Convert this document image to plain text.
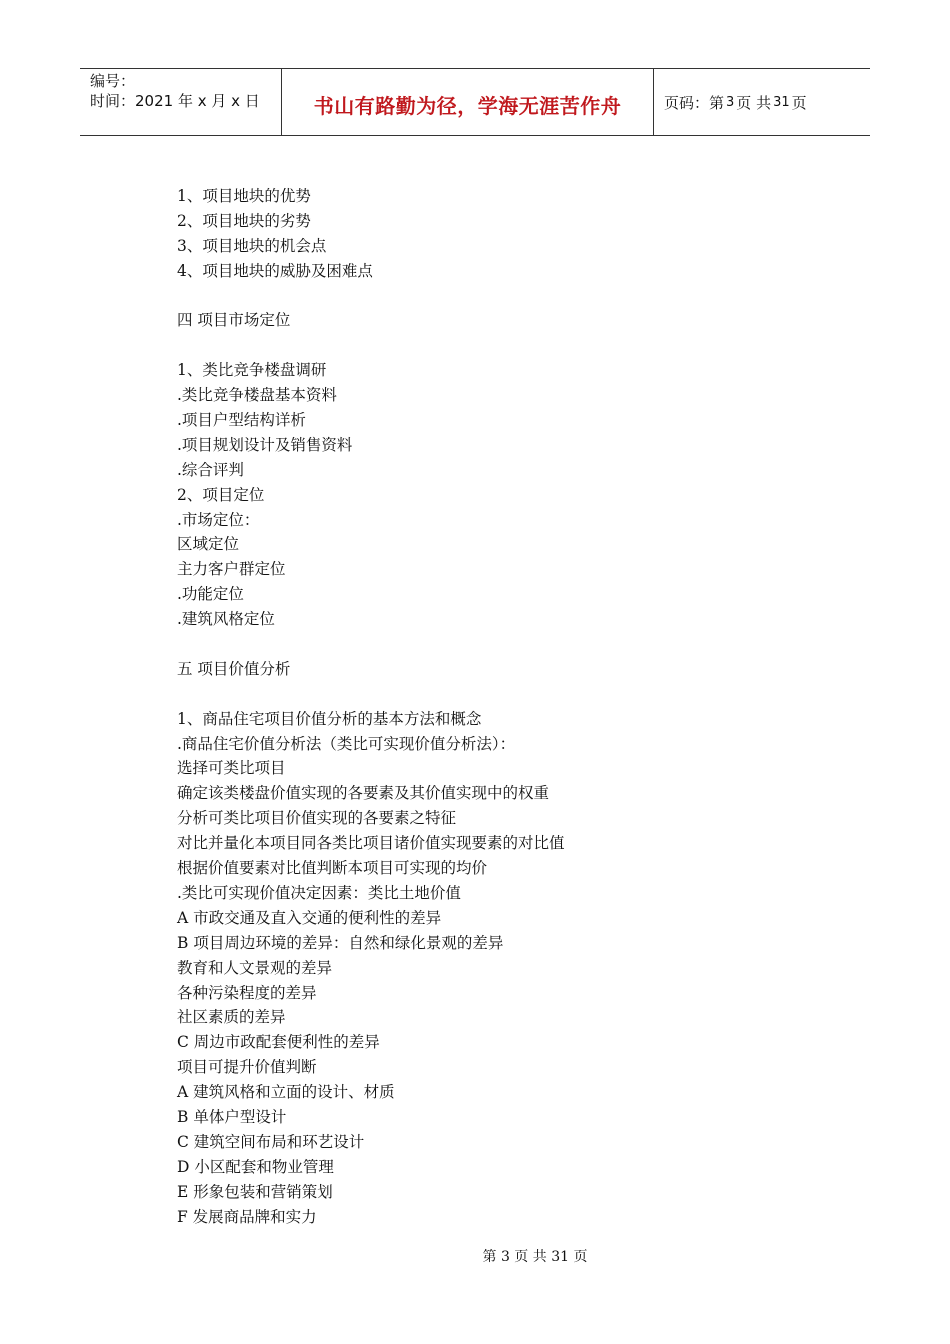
编号：
时间：2021 年 x 月 x 日	书山有路勤为径，学海无涯苦作舟	页码：第 3 页 共 31 页
1、项目地块的优势
2、项目地块的劣势
3、项目地块的机会点
4、项目地块的威胁及困难点
四 项目市场定位
1、类比竞争楼盘调研
.类比竞争楼盘基本资料
.项目户型结构详析
.项目规划设计及销售资料
.综合评判
2、项目定位
.市场定位：
区域定位
主力客户群定位
.功能定位
.建筑风格定位
五 项目价值分析
1、商品住宅项目价值分析的基本方法和概念
.商品住宅价值分析法（类比可实现价值分析法）：
选择可类比项目
确定该类楼盘价值实现的各要素及其价值实现中的权重
分析可类比项目价值实现的各要素之特征
对比并量化本项目同各类比项目诸价值实现要素的对比值
根据价值要素对比值判断本项目可实现的均价
.类比可实现价值决定因素：类比土地价值
A 市政交通及直入交通的便利性的差异
B 项目周边环境的差异：自然和绿化景观的差异
教育和人文景观的差异
各种污染程度的差异
社区素质的差异
C 周边市政配套便利性的差异
项目可提升价值判断
A 建筑风格和立面的设计、材质
B 单体户型设计
C 建筑空间布局和环艺设计
D 小区配套和物业管理
E 形象包装和营销策划
F 发展商品牌和实力
第 3 页 共 31 页
